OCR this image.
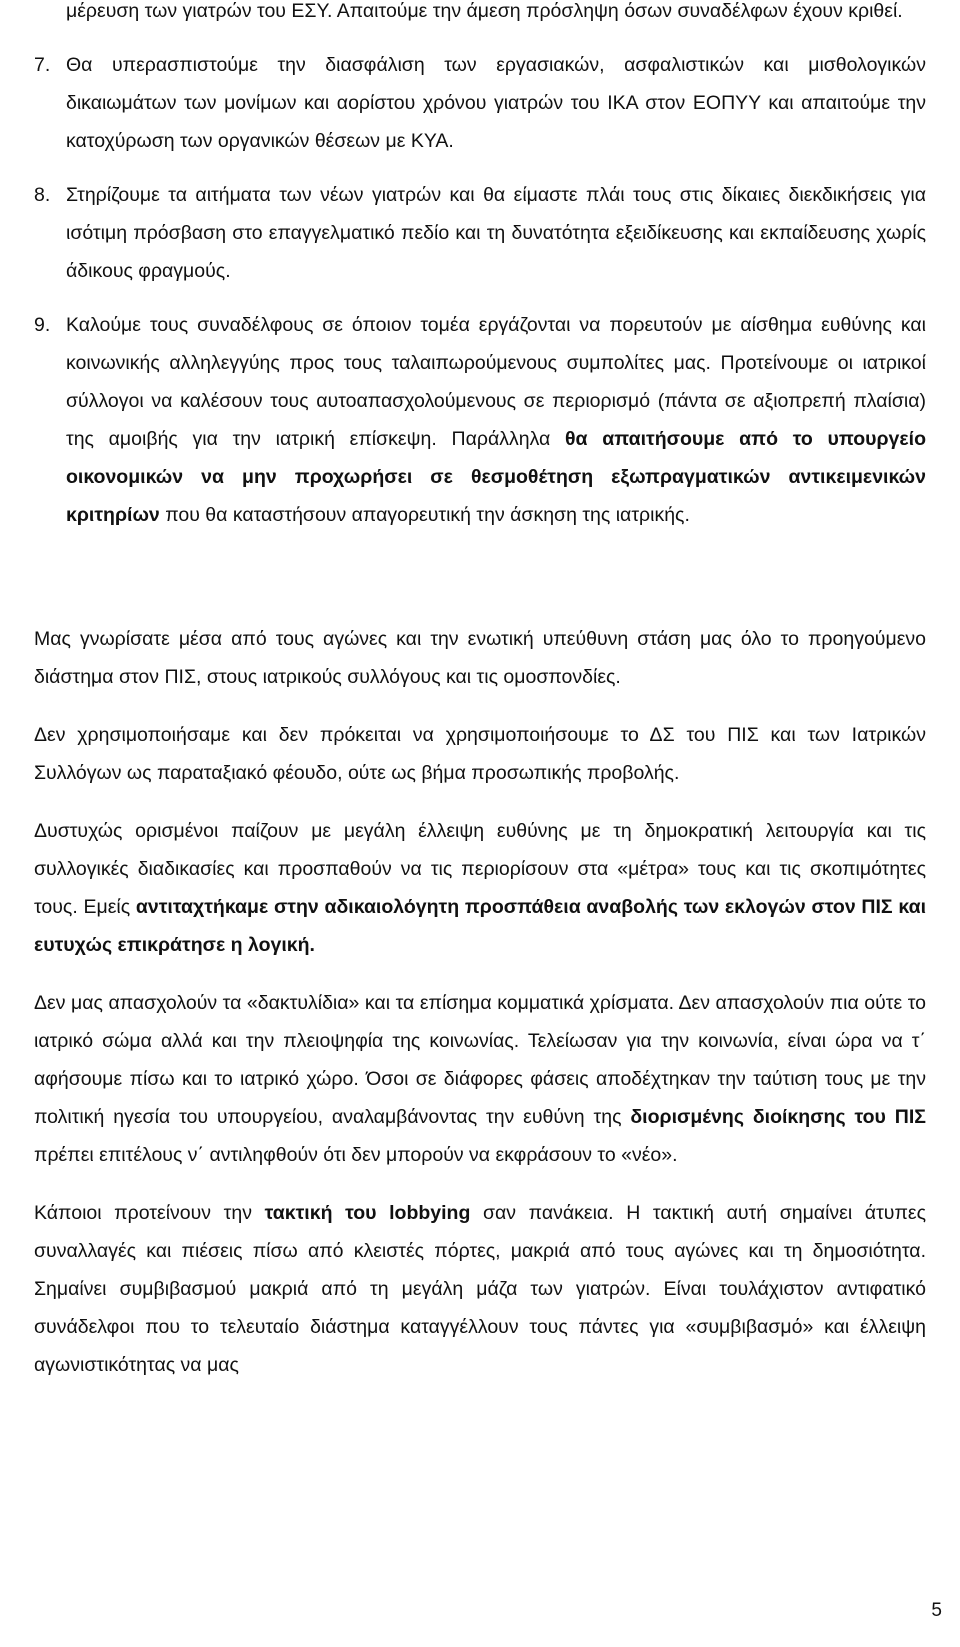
μέρευση των γιατρών του ΕΣΥ. Απαιτούμε την άμεση πρόσληψη όσων συναδέλφων έχουν κριθεί.
7. Θα υπερασπιστούμε την διασφάλιση των εργασιακών, ασφαλιστικών και μισθολογικών δικαιωμάτων των μονίμων και αορίστου χρόνου γιατρών του ΙΚΑ στον ΕΟΠΥΥ και απαιτούμε την κατοχύρωση των οργανικών θέσεων με ΚΥΑ.
8. Στηρίζουμε τα αιτήματα των νέων γιατρών και θα είμαστε πλάι τους στις δίκαιες διεκδικήσεις για ισότιμη πρόσβαση στο επαγγελματικό πεδίο και τη δυνατότητα εξειδίκευσης και εκπαίδευσης χωρίς άδικους φραγμούς.
9. Καλούμε τους συναδέλφους σε όποιον τομέα εργάζονται να πορευτούν με αίσθημα ευθύνης και κοινωνικής αλληλεγγύης προς τους ταλαιπωρούμενους συμπολίτες μας. Προτείνουμε οι ιατρικοί σύλλογοι να καλέσουν τους αυτοαπασχολούμενους σε περιορισμό (πάντα σε αξιοπρεπή πλαίσια) της αμοιβής για την ιατρική επίσκεψη. Παράλληλα θα απαιτήσουμε από το υπουργείο οικονομικών να μην προχωρήσει σε θεσμοθέτηση εξωπραγματικών αντικειμενικών κριτηρίων που θα καταστήσουν απαγορευτική την άσκηση της ιατρικής.

Μας γνωρίσατε μέσα από τους αγώνες και την ενωτική υπεύθυνη στάση μας όλο το προηγούμενο διάστημα στον ΠΙΣ, στους ιατρικούς συλλόγους και τις ομοσπονδίες.

Δεν χρησιμοποιήσαμε και δεν πρόκειται να χρησιμοποιήσουμε το ΔΣ του ΠΙΣ και των Ιατρικών Συλλόγων ως παραταξιακό φέουδο, ούτε ως βήμα προσωπικής προβολής.

Δυστυχώς ορισμένοι παίζουν με μεγάλη έλλειψη ευθύνης με τη δημοκρατική λειτουργία και τις συλλογικές διαδικασίες και προσπαθούν να τις περιορίσουν στα «μέτρα» τους και τις σκοπιμότητες τους. Εμείς αντιταχτήκαμε στην αδικαιολόγητη προσπάθεια αναβολής των εκλογών στον ΠΙΣ και ευτυχώς επικράτησε η λογική.

Δεν μας απασχολούν τα «δακτυλίδια» και τα επίσημα κομματικά χρίσματα. Δεν απασχολούν πια ούτε το ιατρικό σώμα αλλά και την πλειοψηφία της κοινωνίας. Τελείωσαν για την κοινωνία, είναι ώρα να τ΄ αφήσουμε πίσω και το ιατρικό χώρο. Όσοι σε διάφορες φάσεις αποδέχτηκαν την ταύτιση τους με την πολιτική ηγεσία του υπουργείου, αναλαμβάνοντας την ευθύνη της διορισμένης διοίκησης του ΠΙΣ πρέπει επιτέλους ν΄ αντιληφθούν ότι δεν μπορούν να εκφράσουν το «νέο».

Κάποιοι προτείνουν την τακτική του lobbying σαν πανάκεια. Η τακτική αυτή σημαίνει άτυπες συναλλαγές και πιέσεις πίσω από κλειστές πόρτες, μακριά από τους αγώνες και τη δημοσιότητα. Σημαίνει συμβιβασμού μακριά από τη μεγάλη μάζα των γιατρών. Είναι τουλάχιστον αντιφατικό συνάδελφοι που το τελευταίο διάστημα καταγγέλλουν τους πάντες για «συμβιβασμό» και έλλειψη αγωνιστικότητας να μας

5
